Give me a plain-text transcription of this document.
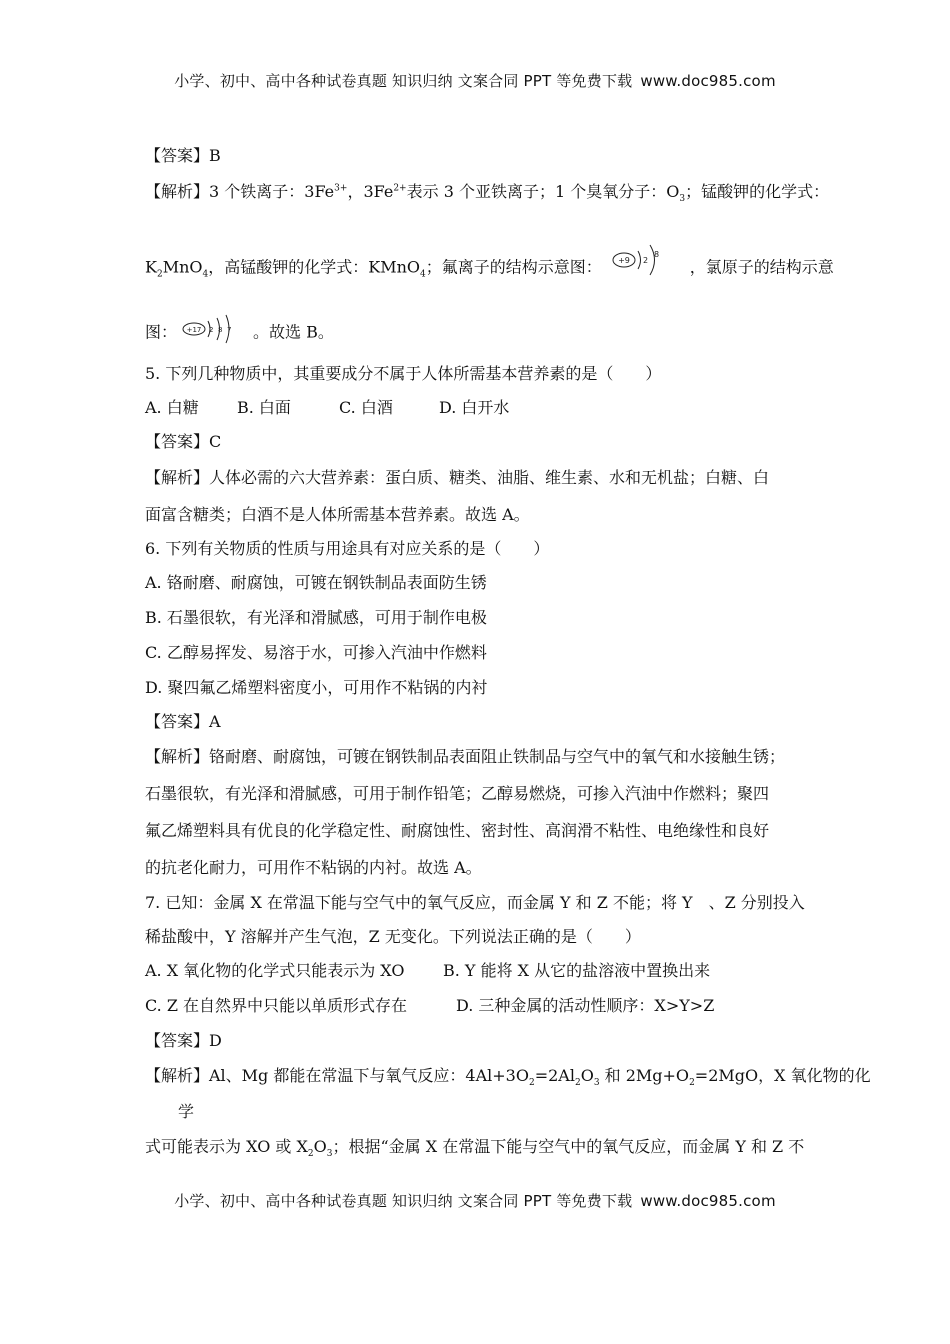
小学、初中、高中各种试卷真题 知识归纳 文案合同 PPT 等免费下载 www.doc985.com
【答案】B
【解析】3 个铁离子：$3Fe^{3+}$，$3Fe^{2+}$表示 3 个亚铁离子；1 个臭氧分子：$O_3$；锰酸钾的化学式：
$K_2MnO_4$，高锰酸钾的化学式：KMnO$_4$；氟离子的结构示意图： +9 2
8
，氯原子的结构示意
图： +17 2 8 7 。故选 B。
5. 下列几种物质中，其重要成分不属于人体所需基本营养素的是（　　）
A. 白糖 B. 白面	C. 白酒	D. 白开水
【答案】C
【解析】人体必需的六大营养素：蛋白质、糖类、油脂、维生素、水和无机盐；白糖、白
面富含糖类；白酒不是人体所需基本营养素。故选 A。
6. 下列有关物质的性质与用途具有对应关系的是（　　）
A. 铬耐磨、耐腐蚀，可镀在钢铁制品表面防生锈
B. 石墨很软，有光泽和滑腻感，可用于制作电极
C. 乙醇易挥发、易溶于水，可掺入汽油中作燃料
D. 聚四氟乙烯塑料密度小，可用作不粘锅的内衬
【答案】A
【解析】铬耐磨、耐腐蚀，可镀在钢铁制品表面阻止铁制品与空气中的氧气和水接触生锈；
石墨很软，有光泽和滑腻感，可用于制作铅笔；乙醇易燃烧，可掺入汽油中作燃料；聚四
氟乙烯塑料具有优良的化学稳定性、耐腐蚀性、密封性、高润滑不粘性、电绝缘性和良好
的抗老化耐力，可用作不粘锅的内衬。故选 A。
7. 已知：金属 X 在常温下能与空气中的氧气反应，而金属 Y 和 Z 不能；将 Y　、Z 分别投入
稀盐酸中，Y 溶解并产生气泡，Z 无变化。下列说法正确的是（　　）
A. X 氧化物的化学式只能表示为 XO B. Y 能将 X 从它的盐溶液中置换出来
C. Z 在自然界中只能以单质形式存在	D. 三种金属的活动性顺序：X>Y>Z
【答案】D
【解析】Al、Mg 都能在常温下与氧气反应：$4Al+3O_2=2Al_2O_3$ 和 $2Mg+O_2=2MgO$，X 氧化物的化
学
式可能表示为 XO 或 $X_2O_3$；根据“金属 X 在常温下能与空气中的氧气反应，而金属 Y 和 Z 不
小学、初中、高中各种试卷真题 知识归纳 文案合同 PPT 等免费下载 www.doc985.com
